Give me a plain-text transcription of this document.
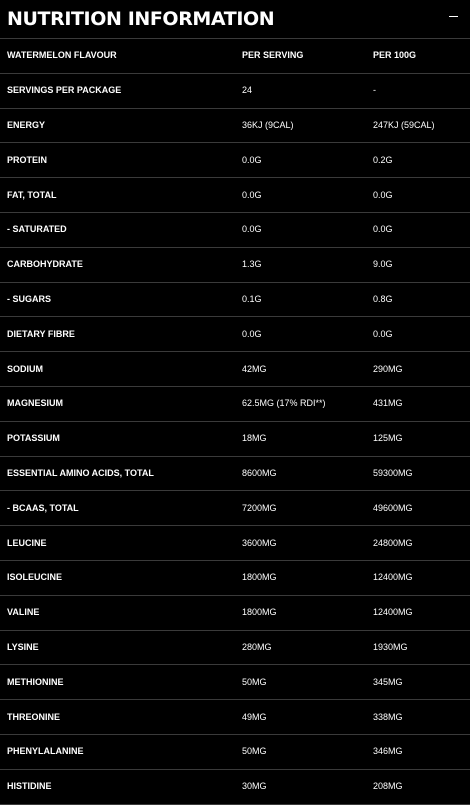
NUTRITION INFORMATION
WATERMELON FLAVOUR	PER SERVING	PER 100G
SERVINGS PER PACKAGE	24	-
ENERGY	36KJ (9CAL)	247KJ (59CAL)
PROTEIN	0.0G	0.2G
FAT, TOTAL	0.0G	0.0G
- SATURATED	0.0G	0.0G
CARBOHYDRATE	1.3G	9.0G
- SUGARS	0.1G	0.8G
DIETARY FIBRE	0.0G	0.0G
SODIUM	42MG	290MG
MAGNESIUM	62.5MG (17% RDI**)	431MG
POTASSIUM	18MG	125MG
ESSENTIAL AMINO ACIDS, TOTAL	8600MG	59300MG
- BCAAS, TOTAL	7200MG	49600MG
LEUCINE	3600MG	24800MG
ISOLEUCINE	1800MG	12400MG
VALINE	1800MG	12400MG
LYSINE	280MG	1930MG
METHIONINE	50MG	345MG
THREONINE	49MG	338MG
PHENYLALANINE	50MG	346MG
HISTIDINE	30MG	208MG
